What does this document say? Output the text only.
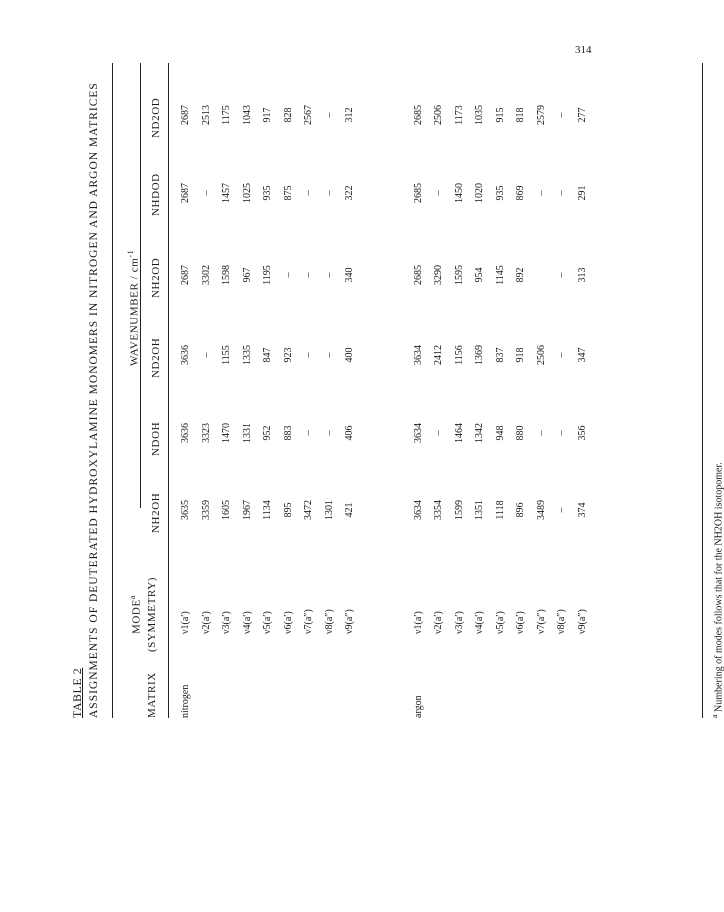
314
TABLE 2 ASSIGNMENTS OF DEUTERATED HYDROXYLAMINE MONOMERS IN NITROGEN AND ARGON MATRICES	MATRIX
MODE$^a$ (SYMMETRY)
WAVENUMBER / $cm^{-1}$
NH2OH
NDOH
ND2OH
NH2OD
NHDOD
ND2OD
nitrogen
ν1(a′)
3635
3636
3636
2687
2687
2687
ν2(a′)
3359
3323
–
3302
–
2513
ν3(a′)
1605
1470
1155
1598
1457
1175
ν4(a′)
1967
1331
1335
967
1025
1043
ν5(a′)
1134
952
847
1195
935
917
ν6(a′)
895
883
923
–
875
828
ν7(a″)
3472
–
–
–
–
2567
ν8(a″)
1301
–
–
–
–
–
ν9(a″)
421
406
400
340
322
312
argon
ν1(a′)
3634
3634
3634
2685
2685
2685
ν2(a′)
3354
–
2412
3290
–
2506
ν3(a′)
1599
1464
1156
1595
1450
1173
ν4(a′)
1351
1342
1369
954
1020
1035
ν5(a′)
1118
948
837
1145
935
915
ν6(a′)
896
880
918
892
869
818
ν7(a″)
3489
–
2506
–
2579
ν8(a″)
–
–
–
–
–
–
ν9(a″)
374
356
347
313
291
277
$^a$ Numbering of modes follows that for the NH2OH isotopomer.
